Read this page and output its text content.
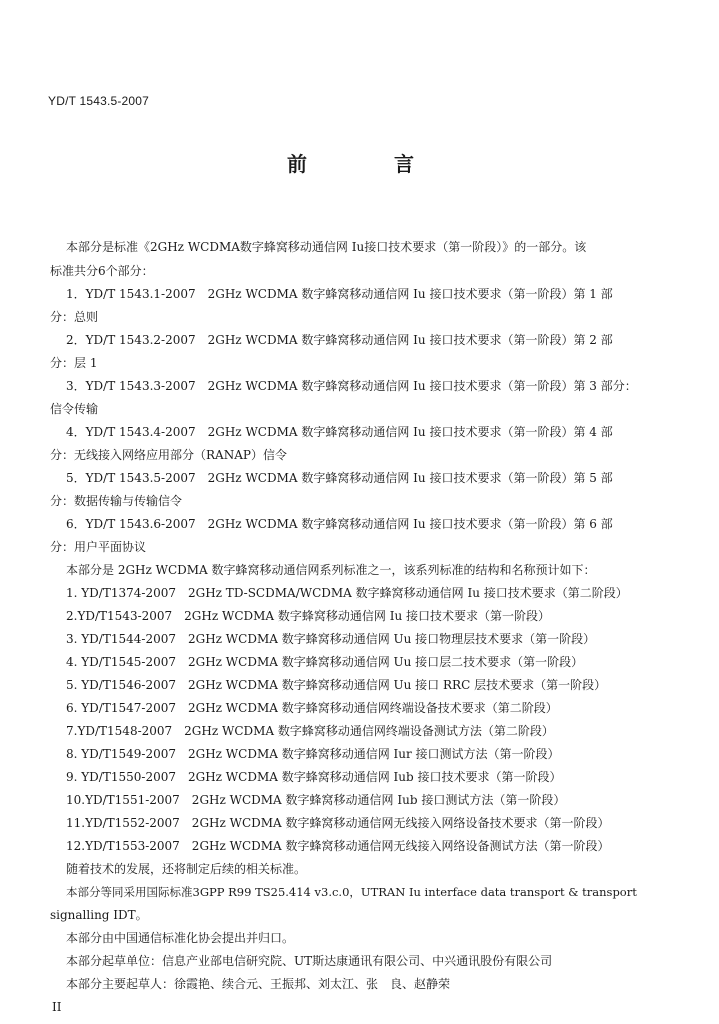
YD/T 1543.5-2007
前 言
本部分是标准《2GHz WCDMA数字蜂窝移动通信网 Iu接口技术要求（第一阶段）》的一部分。该
标准共分6个部分：
1．YD/T 1543.1-2007　2GHz WCDMA 数字蜂窝移动通信网 Iu 接口技术要求（第一阶段）第 1 部
分：总则
2．YD/T 1543.2-2007　2GHz WCDMA 数字蜂窝移动通信网 Iu 接口技术要求（第一阶段）第 2 部
分：层 1
3．YD/T 1543.3-2007　2GHz WCDMA 数字蜂窝移动通信网 Iu 接口技术要求（第一阶段）第 3 部分：
信令传输
4．YD/T 1543.4-2007　2GHz WCDMA 数字蜂窝移动通信网 Iu 接口技术要求（第一阶段）第 4 部
分：无线接入网络应用部分（RANAP）信令
5．YD/T 1543.5-2007　2GHz WCDMA 数字蜂窝移动通信网 Iu 接口技术要求（第一阶段）第 5 部
分：数据传输与传输信令
6．YD/T 1543.6-2007　2GHz WCDMA 数字蜂窝移动通信网 Iu 接口技术要求（第一阶段）第 6 部
分：用户平面协议
本部分是 2GHz WCDMA 数字蜂窝移动通信网系列标准之一，该系列标准的结构和名称预计如下：
1. YD/T1374-2007　2GHz TD-SCDMA/WCDMA 数字蜂窝移动通信网 Iu 接口技术要求（第二阶段）
2.YD/T1543-2007　2GHz WCDMA 数字蜂窝移动通信网 Iu 接口技术要求（第一阶段）
3. YD/T1544-2007　2GHz WCDMA 数字蜂窝移动通信网 Uu 接口物理层技术要求（第一阶段）
4. YD/T1545-2007　2GHz WCDMA 数字蜂窝移动通信网 Uu 接口层二技术要求（第一阶段）
5. YD/T1546-2007　2GHz WCDMA 数字蜂窝移动通信网 Uu 接口 RRC 层技术要求（第一阶段）
6. YD/T1547-2007　2GHz WCDMA 数字蜂窝移动通信网终端设备技术要求（第二阶段）
7.YD/T1548-2007　2GHz WCDMA 数字蜂窝移动通信网终端设备测试方法（第二阶段）
8. YD/T1549-2007　2GHz WCDMA 数字蜂窝移动通信网 Iur 接口测试方法（第一阶段）
9. YD/T1550-2007　2GHz WCDMA 数字蜂窝移动通信网 Iub 接口技术要求（第一阶段）
10.YD/T1551-2007　2GHz WCDMA 数字蜂窝移动通信网 Iub 接口测试方法（第一阶段）
11.YD/T1552-2007　2GHz WCDMA 数字蜂窝移动通信网无线接入网络设备技术要求（第一阶段）
12.YD/T1553-2007　2GHz WCDMA 数字蜂窝移动通信网无线接入网络设备测试方法（第一阶段）
随着技术的发展，还将制定后续的相关标准。
本部分等同采用国际标准3GPP R99 TS25.414 v3.c.0，UTRAN Iu interface data transport & transport
signalling IDT。
本部分由中国通信标准化协会提出并归口。
本部分起草单位：信息产业部电信研究院、UT斯达康通讯有限公司、中兴通讯股份有限公司
本部分主要起草人：徐霞艳、续合元、王振邦、刘太江、张　良、赵静荣
II
